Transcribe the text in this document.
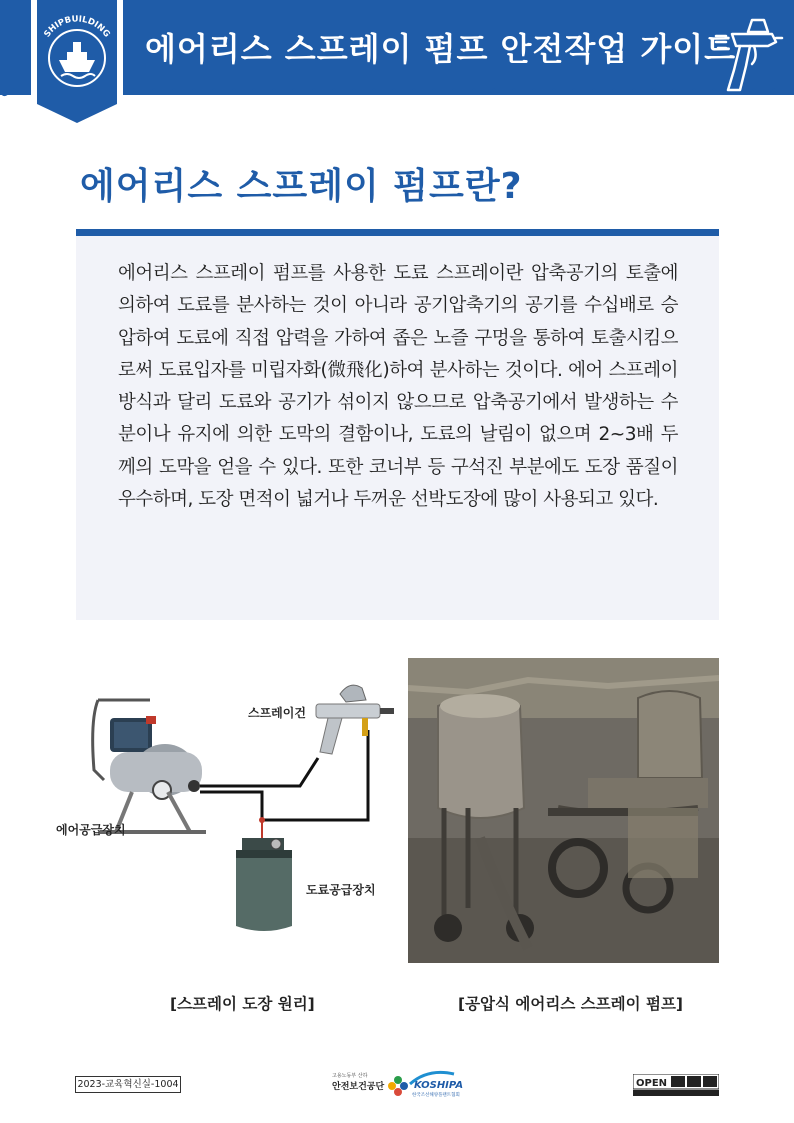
SHIPBUILDING 에어리스 스프레이 펌프 안전작업 가이드
에어리스 스프레이 펌프란?
에어리스 스프레이 펌프를 사용한 도료 스프레이란 압축공기의 토출에 의하여 도료를 분사하는 것이 아니라 공기압축기의 공기를 수십배로 승압하여 도료에 직접 압력을 가하여 좁은 노즐 구멍을 통하여 토출시킴으로써 도료입자를 미립자화(微飛化)하여 분사하는 것이다. 에어 스프레이 방식과 달리 도료와 공기가 섞이지 않으므로 압축공기에서 발생하는 수분이나 유지에 의한 도막의 결함이나, 도료의 날림이 없으며 2~3배 두께의 도막을 얻을 수 있다. 또한 코너부 등 구석진 부분에도 도장 품질이 우수하며, 도장 면적이 넓거나 두꺼운 선박도장에 많이 사용되고 있다.
스프레이건
에어공급장치
도료공급장치
[스프레이 도장 원리]	[공압식 에어리스 스프레이 펌프]
2023-교육혁신실-1004
고용노동부 산하
안전보건공단	KOSHIPA
한국조선해양플랜트협회
OPEN
